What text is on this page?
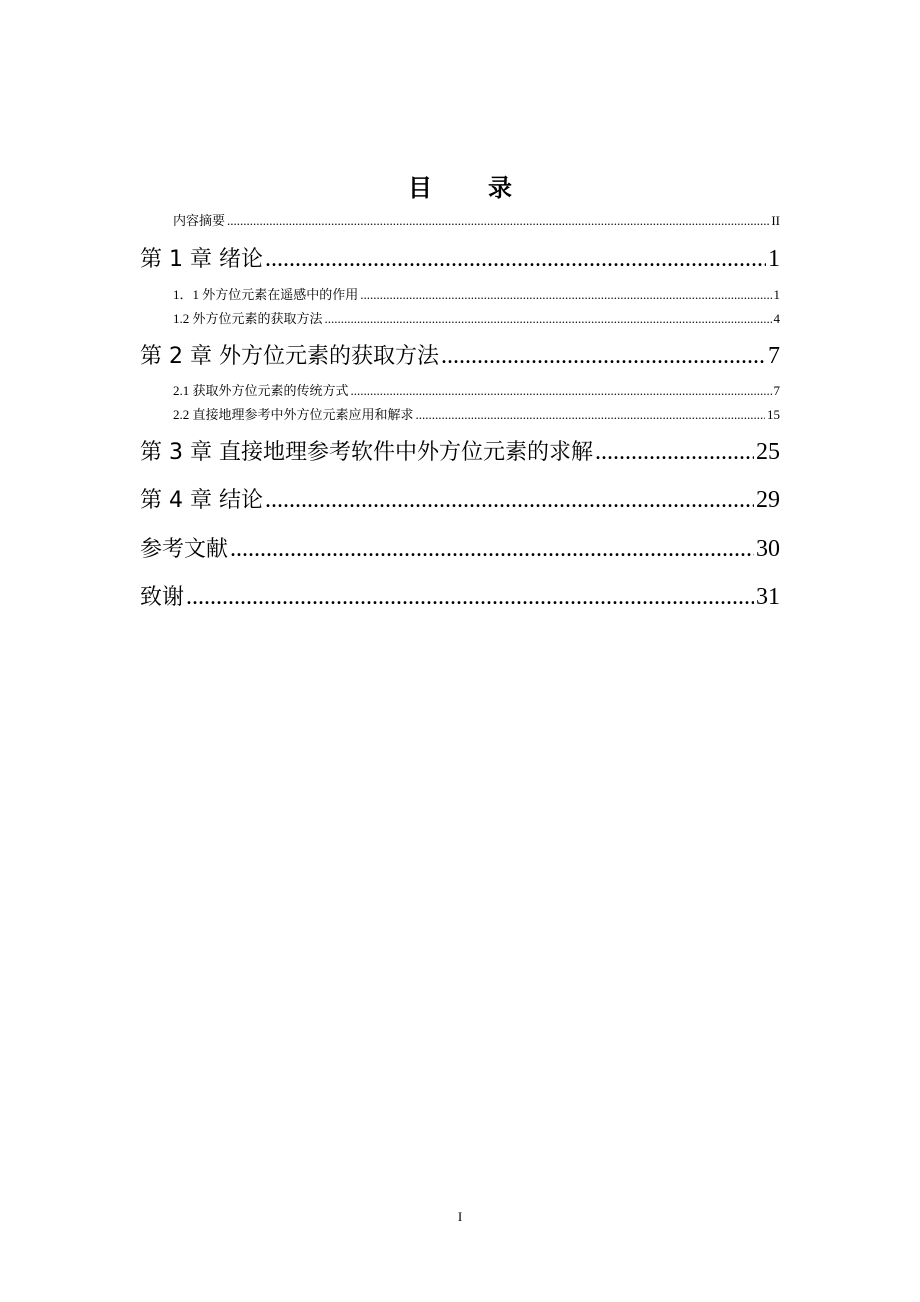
目录
内容摘要 .....	II
第 1 章 绪论 .....	1
1．1 外方位元素在遥感中的作用 .....	1
1.2 外方位元素的获取方法 .....	4
第 2 章 外方位元素的获取方法 .....	7
2.1 获取外方位元素的传统方式 .....	7
2.2 直接地理参考中外方位元素应用和解求 .....	15
第 3 章 直接地理参考软件中外方位元素的求解 .....	25
第 4 章 结论 .....	29
参考文献 .....	30
致谢 .....	31
I
